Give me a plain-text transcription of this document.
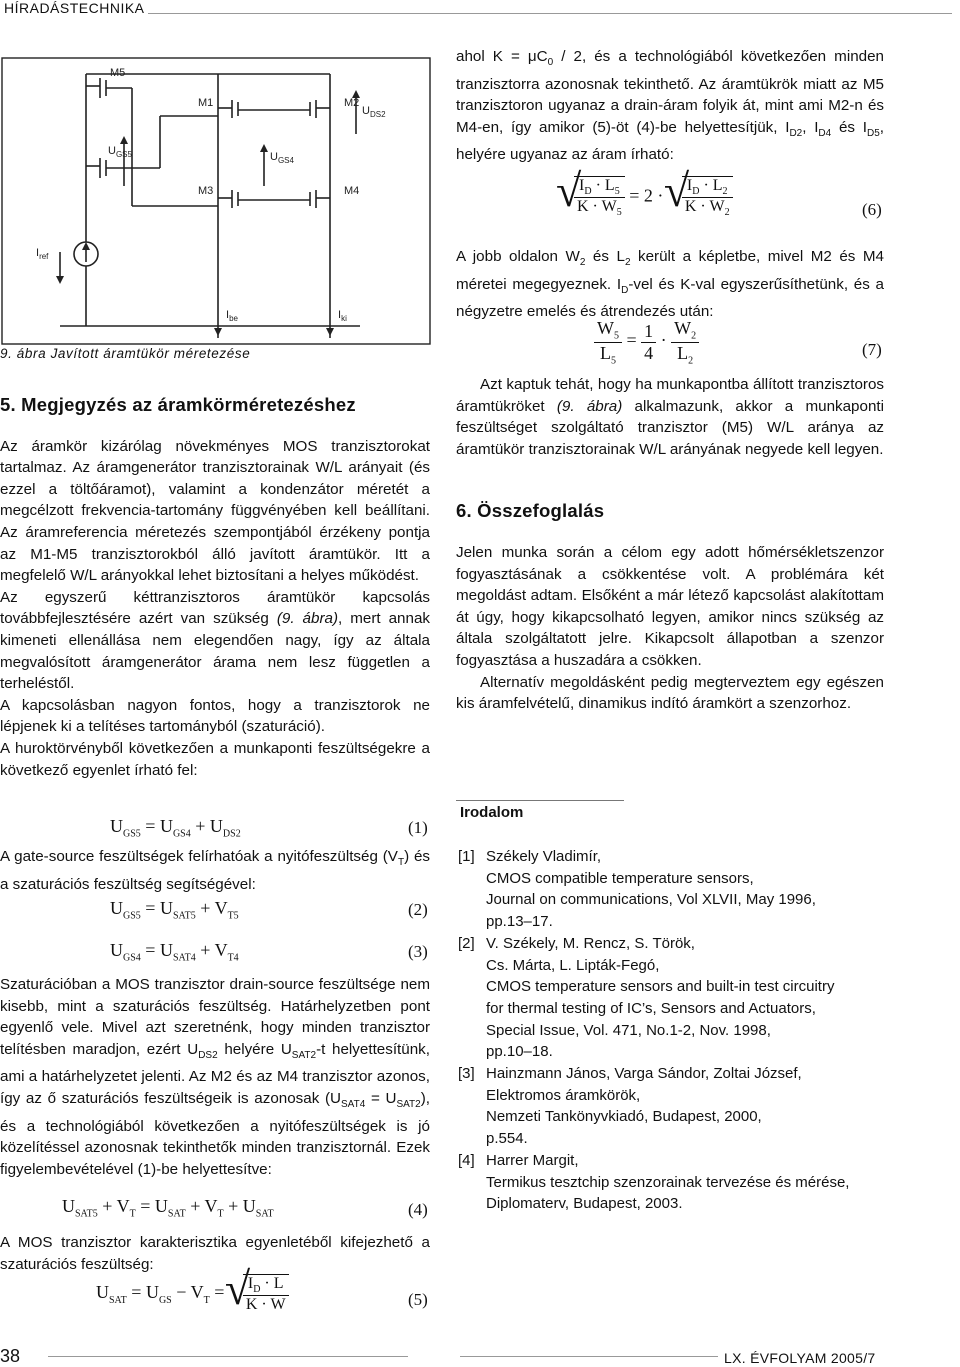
HÍRADÁSTECHNIKA
M1	M2
M3	M4
M5
$U_{GS5}$	$U_{GS4}$
$U_{DS2}$
$I_{ref}$
$I_{be}$	$I_{ki}$
9. ábra Javított áramtükör méretezése
5. Megjegyzés az áramkörméretezéshez

Az áramkör kizárólag növekményes MOS tranzisztorokat tartalmaz. Az áramgenerátor tranzisztorainak W/L arányait (és ezzel a töltőáramot), valamint a kondenzátor méretét a megcélzott frekvencia-tartomány függvényében kell beállítani. Az áramreferencia méretezés szempontjából érzékeny pontja az M1-M5 tranzisztorokból álló javított áramtükör. Itt a megfelelő W/L arányokkal lehet biztosítani a helyes működést.

Az egyszerű kéttranzisztoros áramtükör kapcsolás továbbfejlesztésére azért van szükség (9. ábra), mert annak kimeneti ellenállása nem elegendően nagy, így az általa megvalósított áramgenerátor árama nem lesz független a terheléstől.

A kapcsolásban nagyon fontos, hogy a tranzisztorok ne lépjenek ki a telítéses tartományból (szaturáció).

A huroktörvényből következően a munkaponti feszültségekre a következő egyenlet írható fel:

$U_{GS5} = U_{GS4} + U_{DS2}$	(1)

A gate-source feszültségek felírhatóak a nyitófeszültség $(V_T)$ és a szaturációs feszültség segítségével:

$U_{GS5} = U_{SAT5} + V_{T5}$	(2)
$U_{GS4} = U_{SAT4} + V_{T4}$	(3)

Szaturációban a MOS tranzisztor drain-source feszültsége nem kisebb, mint a szaturációs feszültség. Határhelyzetben pont egyenlő vele. Mivel azt szeretnénk, hogy minden tranzisztor telítésben maradjon, ezért $U_{DS2}$ helyére $U_{SAT2}-t$ helyettesítünk, ami a határhelyzetet jelenti. Az M2 és az M4 tranzisztor azonos, így az ő szaturációs feszültségeik is azonosak $(U_{SAT4} = U_{SAT2})$, és a technológiából következően a nyitófeszültségek is jó közelítéssel azonosnak tekinthetők minden tranzisztornál. Ezek figyelembevételével (1)-be helyettesítve:

$U_{SAT5} + V_T = U_{SAT} + V_T + U_{SAT}$	(4)

A MOS tranzisztor karakterisztika egyenletéből kifejezhető a szaturációs feszültség:

$U_{SAT} = U_{GS} - V_T$ = √ $\frac{I_D \cdot L}{K \cdot W}$	(5)

ahol $K = \mu C_0 / 2$, és a technológiából következően minden tranzisztorra azonosnak tekinthető. Az áramtükrök miatt az M5 tranzisztoron ugyanaz a drain-áram folyik át, mint ami M2-n és M4-en, így amikor (5)-öt (4)-be helyettesítjük, $I_{D2}$, $I_{D4}$ és $I_{D5}$, helyére ugyanaz az áram írható:

√ $\frac{I_D \cdot L_5}{K \cdot W_5} = 2$ · √ $\frac{I_D \cdot L_2}{K \cdot W_2}$	(6)

A jobb oldalon $W_2$ és $L_2$ került a képletbe, mivel M2 és M4 méretei megegyeznek. $I_D$-vel és K-val egyszerűsíthetünk, és a négyzetre emelés és átrendezés után:

$\frac{W_5}{L_5} = \frac{1}{4} \cdot \frac{W_2}{L_2}$	(7)

Azt kaptuk tehát, hogy ha munkapontba állított tranzisztoros áramtükröket (9. ábra) alkalmazunk, akkor a munkaponti feszültséget szolgáltató tranzisztor (M5) W/L aránya az áramtükör tranzisztorainak W/L arányának negyede kell legyen.

6. Összefoglalás

Jelen munka során a célom egy adott hőmérsékletszenzor fogyasztásának a csökkentése volt. A problémára két megoldást adtam. Elsőként a már létező kapcsolást alakítottam át úgy, hogy kikapcsolható legyen, amikor nincs szükség az általa szolgáltatott jelre. Kikapcsolt állapotban a szenzor fogyasztása a huszadára a csökken.

Alternatív megoldásként pedig megterveztem egy egészen kis áramfelvételű, dinamikus indító áramkört a szenzorhoz.

Irodalom
[1] Székely Vladimír,
CMOS compatible temperature sensors,
Journal on communications, Vol XLVII, May 1996,
pp.13–17.
[2] V. Székely, M. Rencz, S. Török,
Cs. Márta, L. Lipták-Fegó,
CMOS temperature sensors and built-in test circuitry
for thermal testing of IC’s, Sensors and Actuators,
Special Issue, Vol. 471, No.1-2, Nov. 1998,
pp.10–18.
[3] Hainzmann János, Varga Sándor, Zoltai József,
Elektromos áramkörök,
Nemzeti Tankönyvkiadó, Budapest, 2000,
p.554.
[4] Harrer Margit,
Termikus tesztchip szenzorainak tervezése és mérése,
Diplomaterv, Budapest, 2003.
38	LX. ÉVFOLYAM 2005/7
